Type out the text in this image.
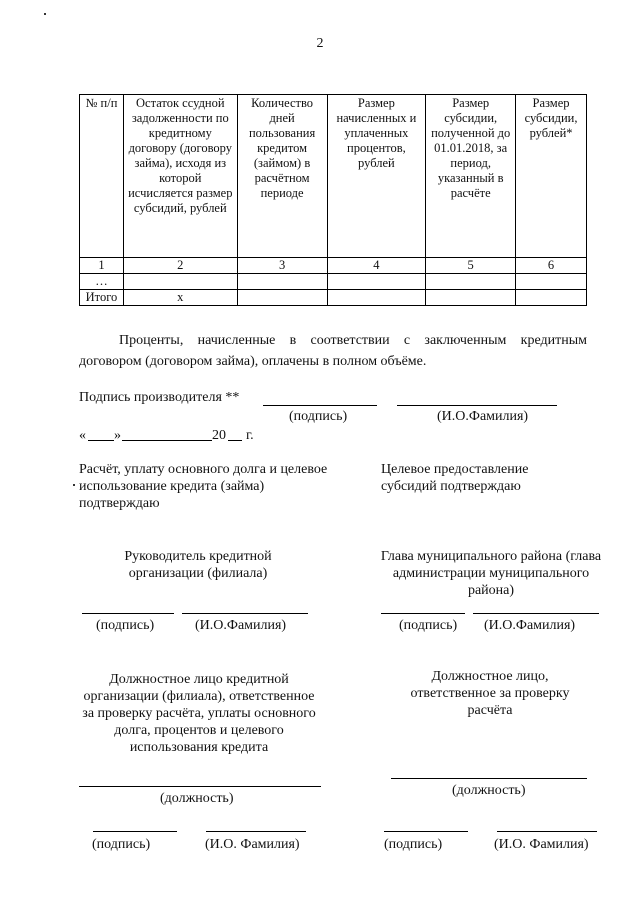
2
№ п/п	Остаток ссудной задолженности по кредитному договору (договору займа), исходя из которой исчисляется размер субсидий, рублей	Количество дней пользования кредитом (займом) в расчётном периоде	Размер начисленных и уплаченных процентов, рублей	Размер субсидии, полученной до 01.01.2018, за период, указанный в расчёте	Размер субсидии, рублей*
1	2	3	4	5	6
…					
Итого	х				
Проценты, начисленные в соответствии с заключенным кредитным договором (договором займа), оплачены в полном объёме.
Подпись производителя **
(подпись)	(И.О.Фамилия)
« »	20 г.
Расчёт, уплату основного долга и целевое использование кредита (займа) подтверждаю
Целевое предоставление субсидий подтверждаю
Руководитель кредитной организации (филиала)
Глава муниципального района (глава администрации муниципального района)
(подпись)	(И.О.Фамилия)	(подпись) (И.О.Фамилия)
Должностное лицо кредитной организации (филиала), ответственное за проверку расчёта, уплаты основного долга, процентов и целевого использования кредита
Должностное лицо, ответственное за проверку расчёта
(должность)
(должность)
(подпись)	(И.О. Фамилия)	(подпись)	(И.О. Фамилия)
